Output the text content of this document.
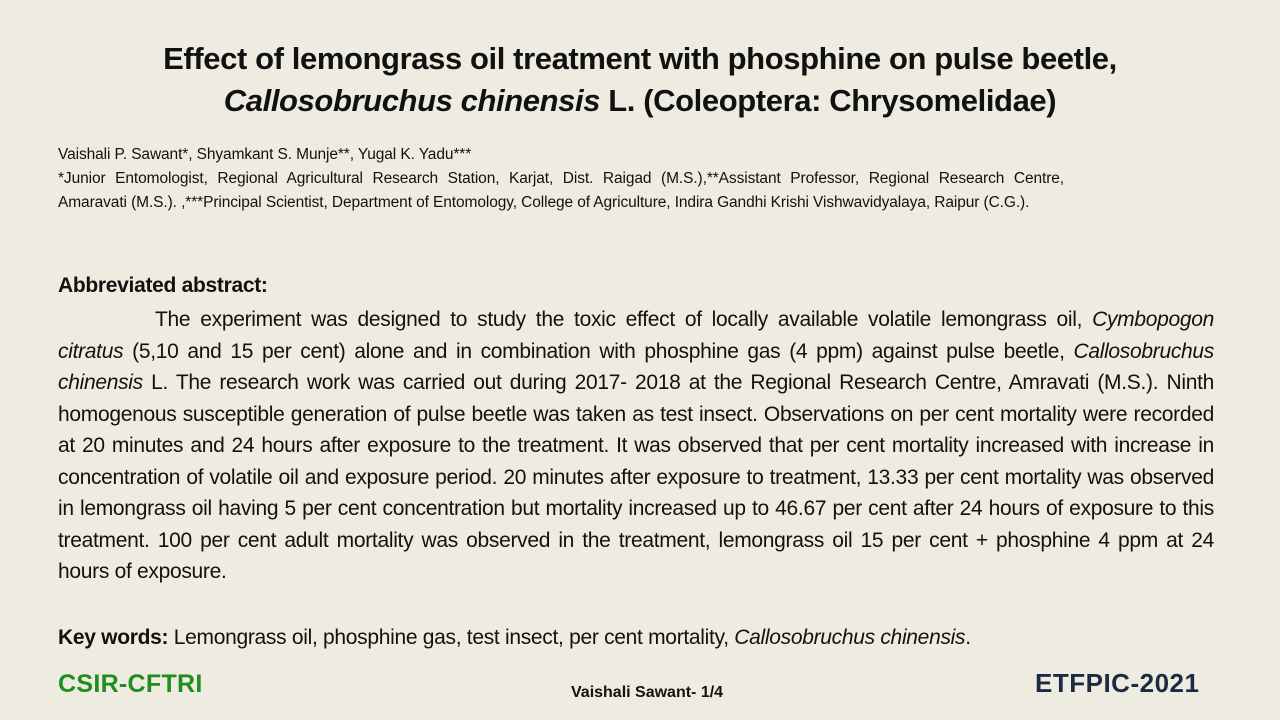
Effect of lemongrass oil treatment with phosphine on pulse beetle,
Callosobruchus chinensis L. (Coleoptera: Chrysomelidae)
Vaishali P. Sawant*, Shyamkant S. Munje**, Yugal K. Yadu***
*Junior Entomologist, Regional Agricultural Research Station, Karjat, Dist. Raigad (M.S.),**Assistant Professor, Regional Research Centre, Amaravati (M.S.). ,***Principal Scientist, Department of Entomology, College of Agriculture, Indira Gandhi Krishi Vishwavidyalaya, Raipur (C.G.).
Abbreviated abstract:
The experiment was designed to study the toxic effect of locally available volatile lemongrass oil, Cymbopogon citratus (5,10 and 15 per cent) alone and in combination with phosphine gas (4 ppm) against pulse beetle, Callosobruchus chinensis L. The research work was carried out during 2017- 2018 at the Regional Research Centre, Amravati (M.S.). Ninth homogenous susceptible generation of pulse beetle was taken as test insect. Observations on per cent mortality were recorded at 20 minutes and 24 hours after exposure to the treatment. It was observed that per cent mortality increased with increase in concentration of volatile oil and exposure period. 20 minutes after exposure to treatment, 13.33 per cent mortality was observed in lemongrass oil having 5 per cent concentration but mortality increased up to 46.67 per cent after 24 hours of exposure to this treatment. 100 per cent adult mortality was observed in the treatment, lemongrass oil 15 per cent + phosphine 4 ppm at 24 hours of exposure.
Key words: Lemongrass oil, phosphine gas, test insect, per cent mortality, Callosobruchus chinensis.
CSIR-CFTRI	Vaishali Sawant- 1/4	ETFPIC-2021
